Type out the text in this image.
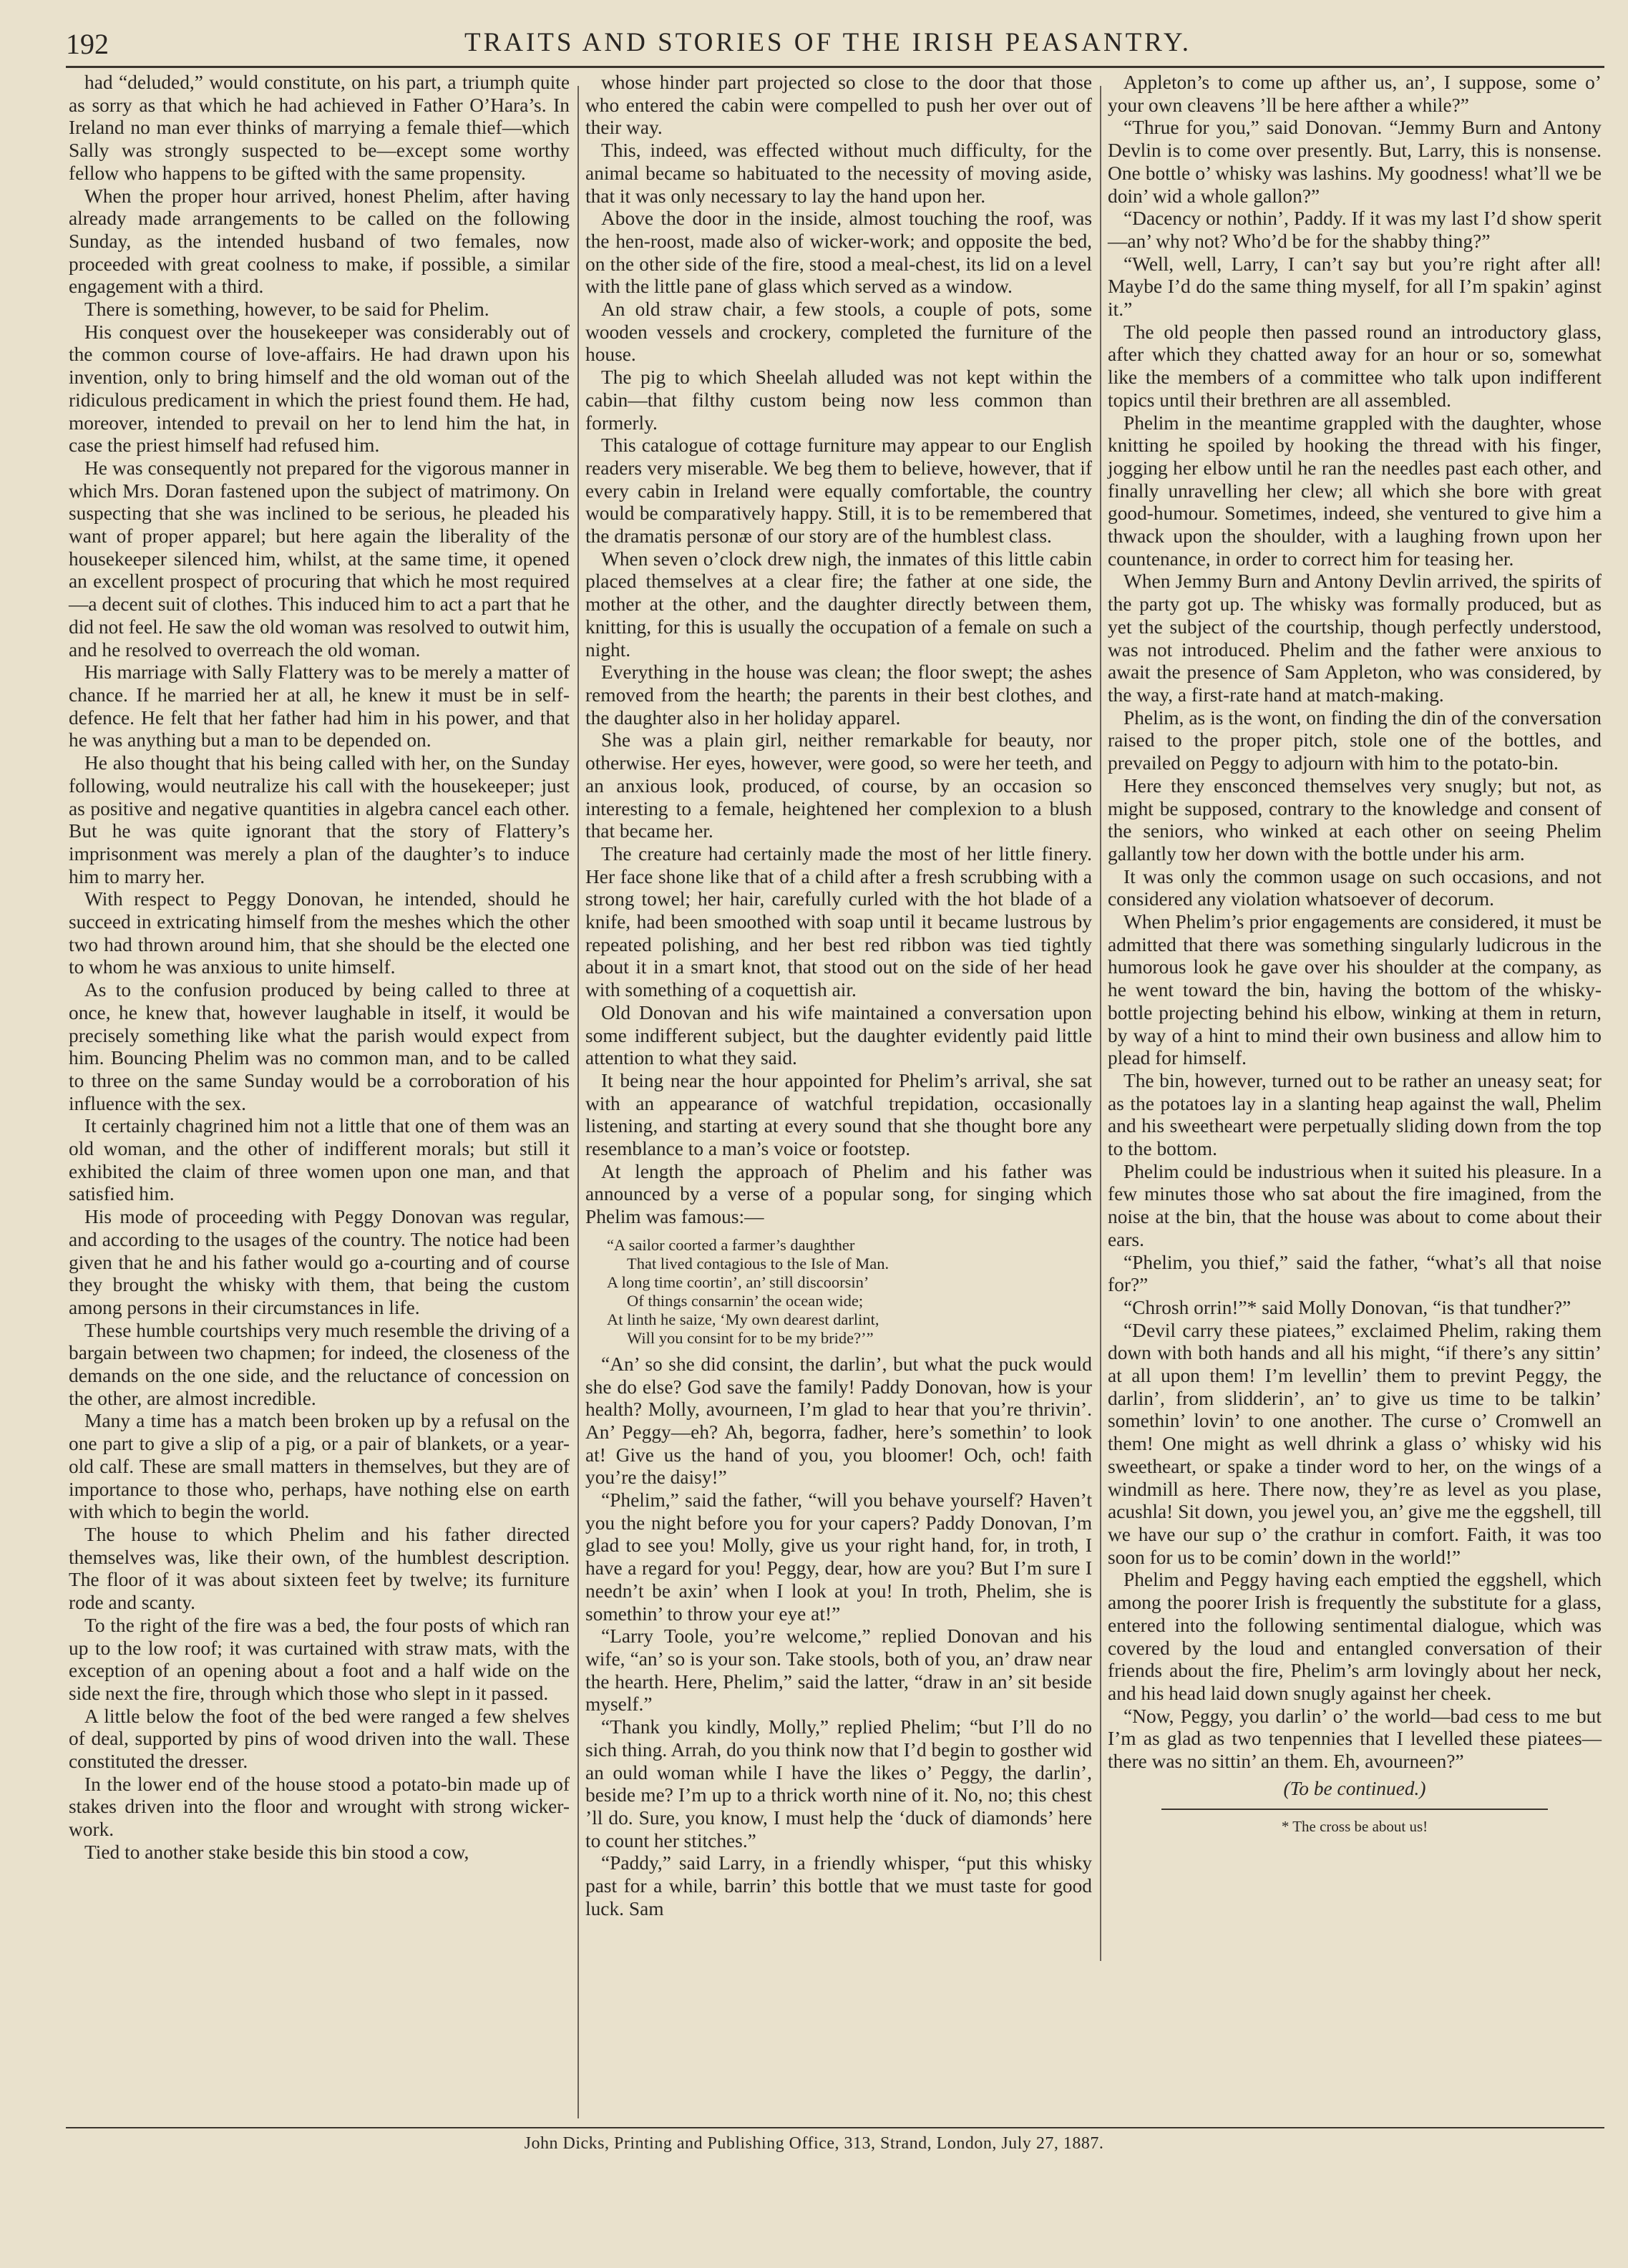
192	TRAITS AND STORIES OF THE IRISH PEASANTRY.

had “deluded,” would constitute, on his part, a triumph quite as sorry as that which he had achieved in Father O’Hara’s. In Ireland no man ever thinks of marrying a female thief—which Sally was strongly suspected to be—except some worthy fellow who happens to be gifted with the same propensity.

When the proper hour arrived, honest Phelim, after having already made arrangements to be called on the following Sunday, as the intended husband of two females, now proceeded with great coolness to make, if possible, a similar engagement with a third.

There is something, however, to be said for Phelim.

His conquest over the housekeeper was considerably out of the common course of love-affairs. He had drawn upon his invention, only to bring himself and the old woman out of the ridiculous predicament in which the priest found them. He had, moreover, intended to prevail on her to lend him the hat, in case the priest himself had refused him.

He was consequently not prepared for the vigorous manner in which Mrs. Doran fastened upon the subject of matrimony. On suspecting that she was inclined to be serious, he pleaded his want of proper apparel; but here again the liberality of the housekeeper silenced him, whilst, at the same time, it opened an excellent prospect of procuring that which he most required—a decent suit of clothes. This induced him to act a part that he did not feel. He saw the old woman was resolved to outwit him, and he resolved to overreach the old woman.

His marriage with Sally Flattery was to be merely a matter of chance. If he married her at all, he knew it must be in self-defence. He felt that her father had him in his power, and that he was anything but a man to be depended on.

He also thought that his being called with her, on the Sunday following, would neutralize his call with the housekeeper; just as positive and negative quantities in algebra cancel each other. But he was quite ignorant that the story of Flattery’s imprisonment was merely a plan of the daughter’s to induce him to marry her.

With respect to Peggy Donovan, he intended, should he succeed in extricating himself from the meshes which the other two had thrown around him, that she should be the elected one to whom he was anxious to unite himself.

As to the confusion produced by being called to three at once, he knew that, however laughable in itself, it would be precisely something like what the parish would expect from him. Bouncing Phelim was no common man, and to be called to three on the same Sunday would be a corroboration of his influence with the sex.

It certainly chagrined him not a little that one of them was an old woman, and the other of indifferent morals; but still it exhibited the claim of three women upon one man, and that satisfied him.

His mode of proceeding with Peggy Donovan was regular, and according to the usages of the country. The notice had been given that he and his father would go a-courting and of course they brought the whisky with them, that being the custom among persons in their circumstances in life.

These humble courtships very much resemble the driving of a bargain between two chapmen; for indeed, the closeness of the demands on the one side, and the reluctance of concession on the other, are almost incredible.

Many a time has a match been broken up by a refusal on the one part to give a slip of a pig, or a pair of blankets, or a year-old calf. These are small matters in themselves, but they are of importance to those who, perhaps, have nothing else on earth with which to begin the world.

The house to which Phelim and his father directed themselves was, like their own, of the humblest description. The floor of it was about sixteen feet by twelve; its furniture rode and scanty.

To the right of the fire was a bed, the four posts of which ran up to the low roof; it was curtained with straw mats, with the exception of an opening about a foot and a half wide on the side next the fire, through which those who slept in it passed.

A little below the foot of the bed were ranged a few shelves of deal, supported by pins of wood driven into the wall. These constituted the dresser.

In the lower end of the house stood a potato-bin made up of stakes driven into the floor and wrought with strong wicker-work.

Tied to another stake beside this bin stood a cow,

whose hinder part projected so close to the door that those who entered the cabin were compelled to push her over out of their way.

This, indeed, was effected without much difficulty, for the animal became so habituated to the necessity of moving aside, that it was only necessary to lay the hand upon her.

Above the door in the inside, almost touching the roof, was the hen-roost, made also of wicker-work; and opposite the bed, on the other side of the fire, stood a meal-chest, its lid on a level with the little pane of glass which served as a window.

An old straw chair, a few stools, a couple of pots, some wooden vessels and crockery, completed the furniture of the house.

The pig to which Sheelah alluded was not kept within the cabin—that filthy custom being now less common than formerly.

This catalogue of cottage furniture may appear to our English readers very miserable. We beg them to believe, however, that if every cabin in Ireland were equally comfortable, the country would be comparatively happy. Still, it is to be remembered that the dramatis personæ of our story are of the humblest class.

When seven o’clock drew nigh, the inmates of this little cabin placed themselves at a clear fire; the father at one side, the mother at the other, and the daughter directly between them, knitting, for this is usually the occupation of a female on such a night.

Everything in the house was clean; the floor swept; the ashes removed from the hearth; the parents in their best clothes, and the daughter also in her holiday apparel.

She was a plain girl, neither remarkable for beauty, nor otherwise. Her eyes, however, were good, so were her teeth, and an anxious look, produced, of course, by an occasion so interesting to a female, heightened her complexion to a blush that became her.

The creature had certainly made the most of her little finery. Her face shone like that of a child after a fresh scrubbing with a strong towel; her hair, carefully curled with the hot blade of a knife, had been smoothed with soap until it became lustrous by repeated polishing, and her best red ribbon was tied tightly about it in a smart knot, that stood out on the side of her head with something of a coquettish air.

Old Donovan and his wife maintained a conversation upon some indifferent subject, but the daughter evidently paid little attention to what they said.

It being near the hour appointed for Phelim’s arrival, she sat with an appearance of watchful trepidation, occasionally listening, and starting at every sound that she thought bore any resemblance to a man’s voice or footstep.

At length the approach of Phelim and his father was announced by a verse of a popular song, for singing which Phelim was famous:—

“A sailor coorted a farmer’s daughther
That lived contagious to the Isle of Man.
A long time coortin’, an’ still discoorsin’
Of things consarnin’ the ocean wide;
At linth he saize, ‘My own dearest darlint,
Will you consint for to be my bride?’”

“An’ so she did consint, the darlin’, but what the puck would she do else? God save the family! Paddy Donovan, how is your health? Molly, avourneen, I’m glad to hear that you’re thrivin’. An’ Peggy—eh? Ah, begorra, fadher, here’s somethin’ to look at! Give us the hand of you, you bloomer! Och, och! faith you’re the daisy!”

“Phelim,” said the father, “will you behave yourself? Haven’t you the night before you for your capers? Paddy Donovan, I’m glad to see you! Molly, give us your right hand, for, in troth, I have a regard for you! Peggy, dear, how are you? But I’m sure I needn’t be axin’ when I look at you! In troth, Phelim, she is somethin’ to throw your eye at!”

“Larry Toole, you’re welcome,” replied Donovan and his wife, “an’ so is your son. Take stools, both of you, an’ draw near the hearth. Here, Phelim,” said the latter, “draw in an’ sit beside myself.”

“Thank you kindly, Molly,” replied Phelim; “but I’ll do no sich thing. Arrah, do you think now that I’d begin to gosther wid an ould woman while I have the likes o’ Peggy, the darlin’, beside me? I’m up to a thrick worth nine of it. No, no; this chest ’ll do. Sure, you know, I must help the ‘duck of diamonds’ here to count her stitches.”

“Paddy,” said Larry, in a friendly whisper, “put this whisky past for a while, barrin’ this bottle that we must taste for good luck. Sam

Appleton’s to come up afther us, an’, I suppose, some o’ your own cleavens ’ll be here afther a while?”

“Thrue for you,” said Donovan. “Jemmy Burn and Antony Devlin is to come over presently. But, Larry, this is nonsense. One bottle o’ whisky was lashins. My goodness! what’ll we be doin’ wid a whole gallon?”

“Dacency or nothin’, Paddy. If it was my last I’d show sperit—an’ why not? Who’d be for the shabby thing?”

“Well, well, Larry, I can’t say but you’re right after all! Maybe I’d do the same thing myself, for all I’m spakin’ aginst it.”

The old people then passed round an introductory glass, after which they chatted away for an hour or so, somewhat like the members of a committee who talk upon indifferent topics until their brethren are all assembled.

Phelim in the meantime grappled with the daughter, whose knitting he spoiled by hooking the thread with his finger, jogging her elbow until he ran the needles past each other, and finally unravelling her clew; all which she bore with great good-humour. Sometimes, indeed, she ventured to give him a thwack upon the shoulder, with a laughing frown upon her countenance, in order to correct him for teasing her.

When Jemmy Burn and Antony Devlin arrived, the spirits of the party got up. The whisky was formally produced, but as yet the subject of the courtship, though perfectly understood, was not introduced. Phelim and the father were anxious to await the presence of Sam Appleton, who was considered, by the way, a first-rate hand at match-making.

Phelim, as is the wont, on finding the din of the conversation raised to the proper pitch, stole one of the bottles, and prevailed on Peggy to adjourn with him to the potato-bin.

Here they ensconced themselves very snugly; but not, as might be supposed, contrary to the knowledge and consent of the seniors, who winked at each other on seeing Phelim gallantly tow her down with the bottle under his arm.

It was only the common usage on such occasions, and not considered any violation whatsoever of decorum.

When Phelim’s prior engagements are considered, it must be admitted that there was something singularly ludicrous in the humorous look he gave over his shoulder at the company, as he went toward the bin, having the bottom of the whisky-bottle projecting behind his elbow, winking at them in return, by way of a hint to mind their own business and allow him to plead for himself.

The bin, however, turned out to be rather an uneasy seat; for as the potatoes lay in a slanting heap against the wall, Phelim and his sweetheart were perpetually sliding down from the top to the bottom.

Phelim could be industrious when it suited his pleasure. In a few minutes those who sat about the fire imagined, from the noise at the bin, that the house was about to come about their ears.

“Phelim, you thief,” said the father, “what’s all that noise for?”

“Chrosh orrin!”* said Molly Donovan, “is that tundher?”

“Devil carry these piatees,” exclaimed Phelim, raking them down with both hands and all his might, “if there’s any sittin’ at all upon them! I’m levellin’ them to prevint Peggy, the darlin’, from slidderin’, an’ to give us time to be talkin’ somethin’ lovin’ to one another. The curse o’ Cromwell an them! One might as well dhrink a glass o’ whisky wid his sweetheart, or spake a tinder word to her, on the wings of a windmill as here. There now, they’re as level as you plase, acushla! Sit down, you jewel you, an’ give me the eggshell, till we have our sup o’ the crathur in comfort. Faith, it was too soon for us to be comin’ down in the world!”

Phelim and Peggy having each emptied the eggshell, which among the poorer Irish is frequently the substitute for a glass, entered into the following sentimental dialogue, which was covered by the loud and entangled conversation of their friends about the fire, Phelim’s arm lovingly about her neck, and his head laid down snugly against her cheek.

“Now, Peggy, you darlin’ o’ the world—bad cess to me but I’m as glad as two tenpennies that I levelled these piatees—there was no sittin’ an them. Eh, avourneen?”

(To be continued.)

* The cross be about us!

John Dicks, Printing and Publishing Office, 313, Strand, London, July 27, 1887.
